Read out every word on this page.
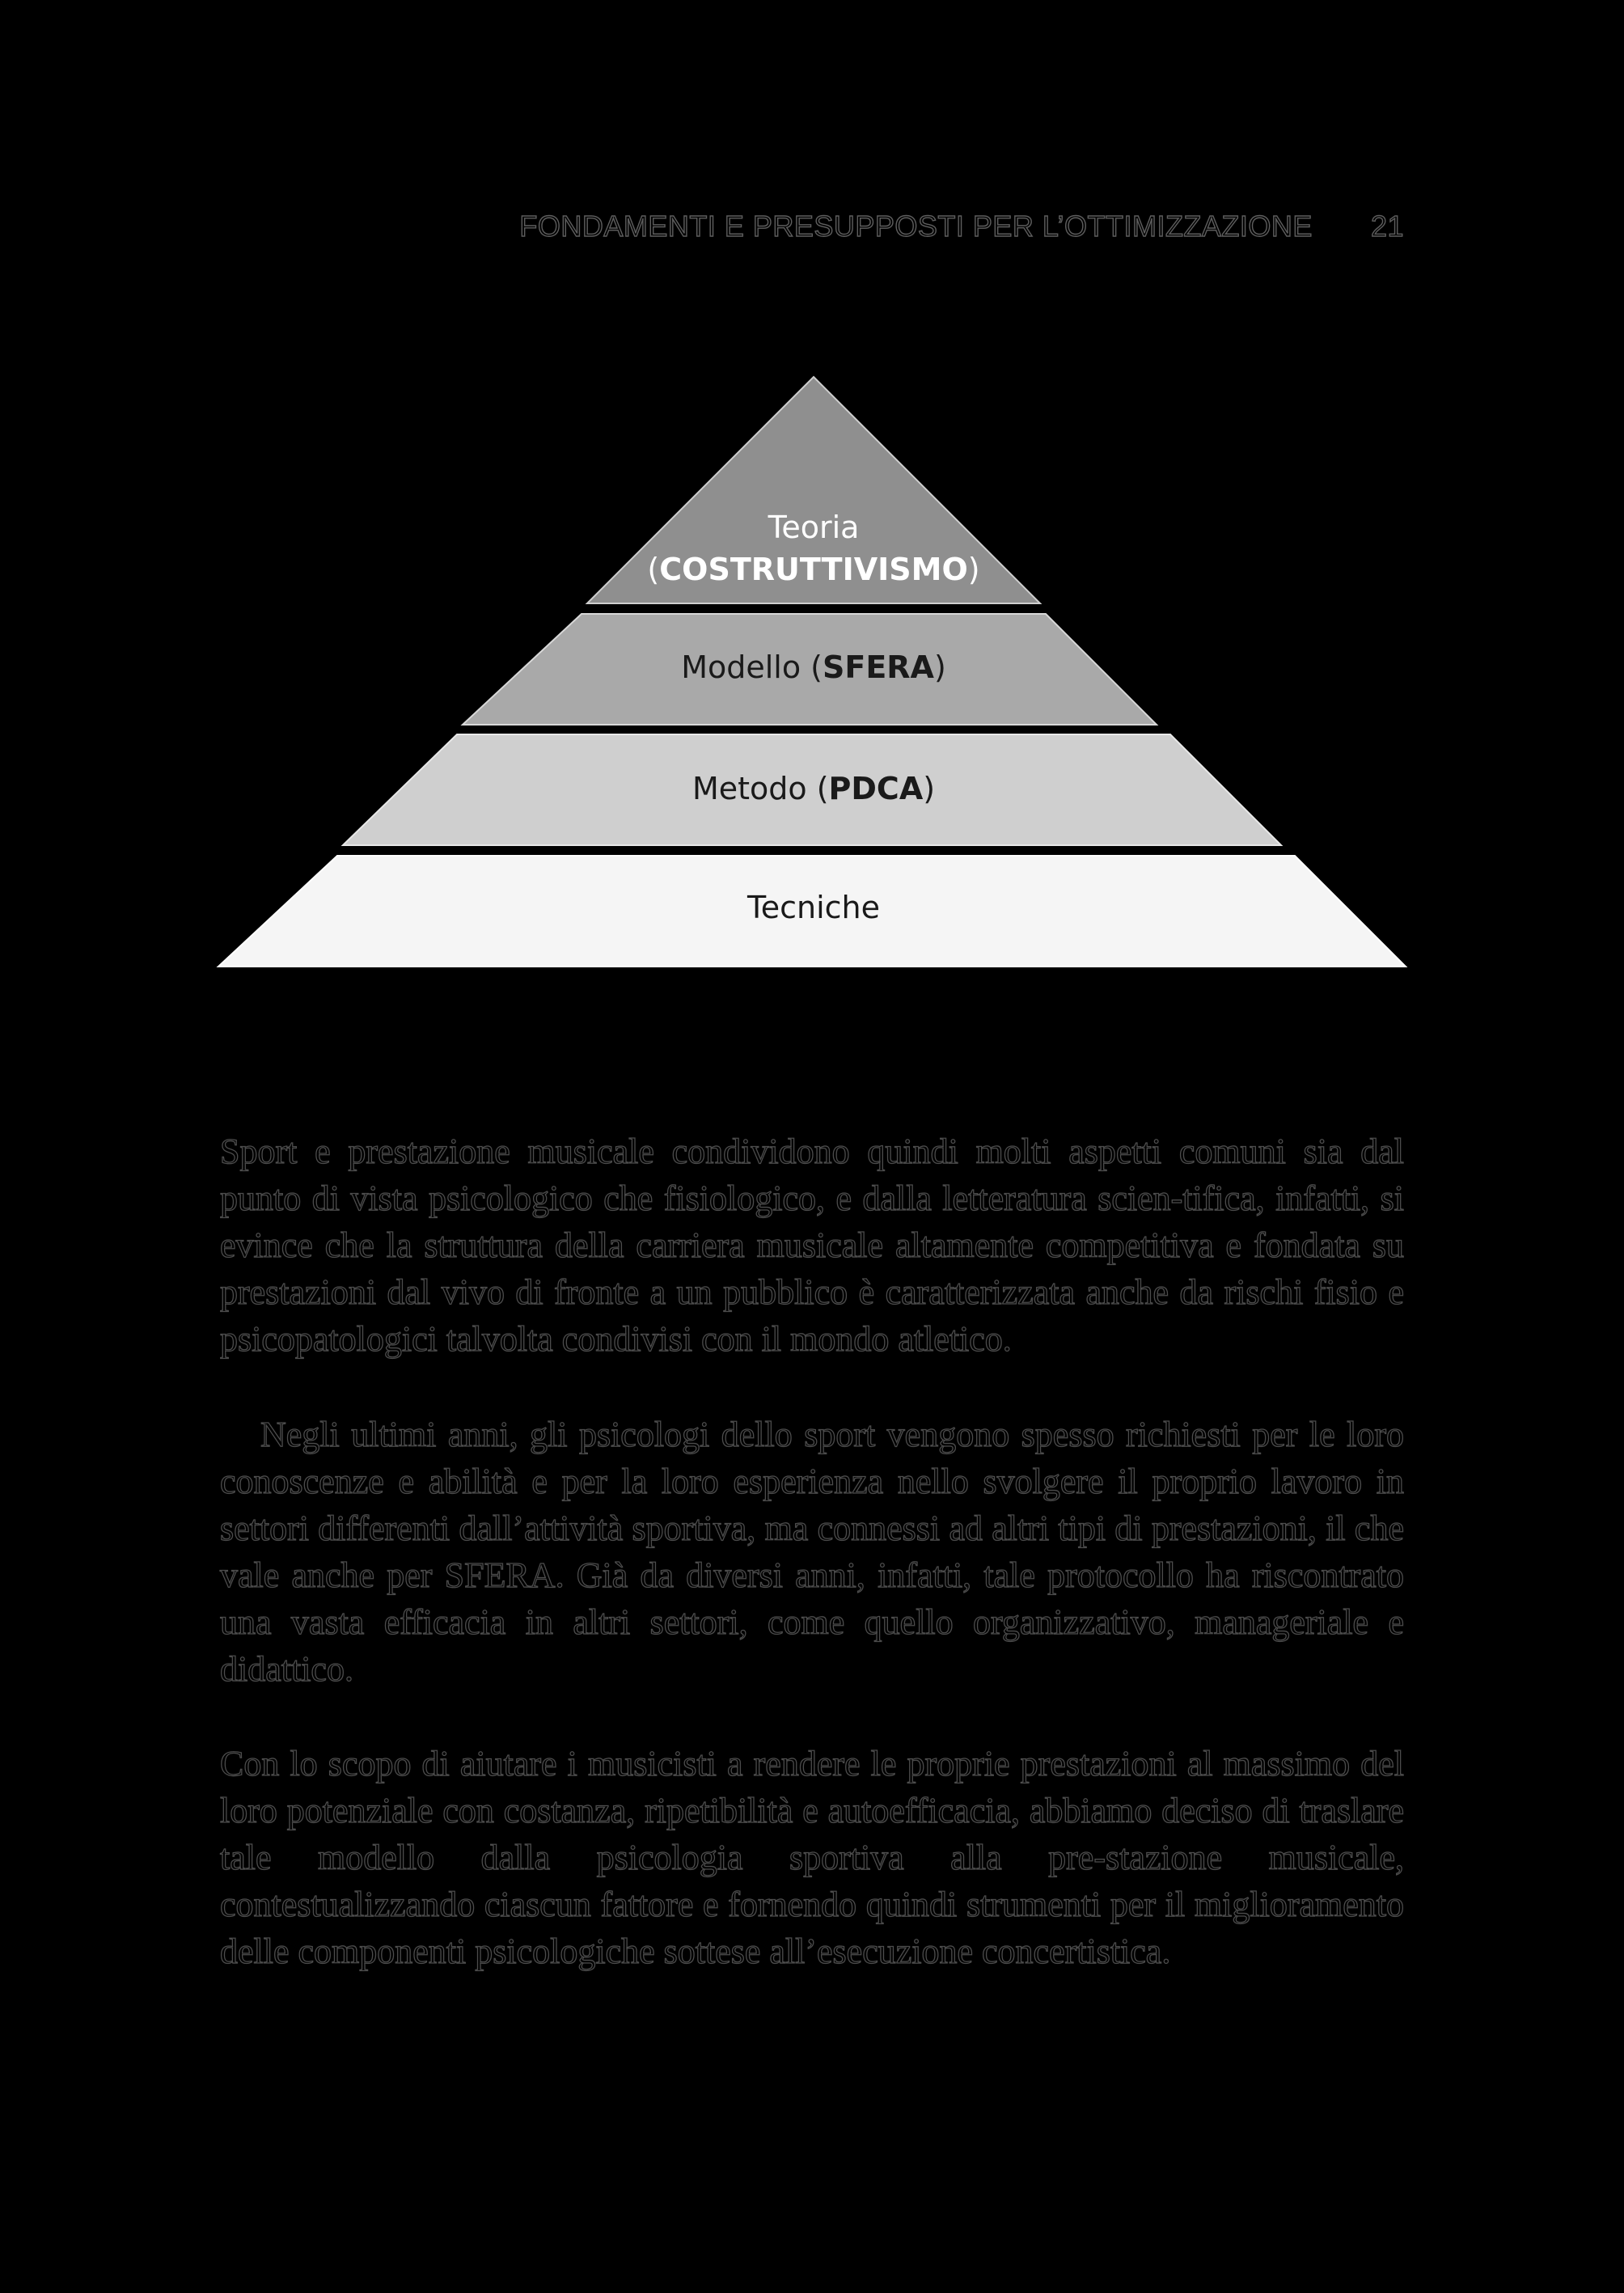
FONDAMENTI E PRESUPPOSTI PER L’OTTIMIZZAZIONE 21
Teoria
(COSTRUTTIVISMO)
Modello (SFERA)
Metodo (PDCA)
Tecniche

Sport e prestazione musicale condividono quindi molti aspetti comuni sia dal punto di vista psicologico che fisiologico, e dalla letteratura scien-tifica, infatti, si evince che la struttura della carriera musicale altamente competitiva e fondata su prestazioni dal vivo di fronte a un pubblico è caratterizzata anche da rischi fisio e psicopatologici talvolta condivisi con il mondo atletico.

Negli ultimi anni, gli psicologi dello sport vengono spesso richiesti per le loro conoscenze e abilità e per la loro esperienza nello svolgere il proprio lavoro in settori differenti dall’attività sportiva, ma connessi ad altri tipi di prestazioni, il che vale anche per SFERA. Già da diversi anni, infatti, tale protocollo ha riscontrato una vasta efficacia in altri settori, come quello organizzativo, manageriale e didattico.

Con lo scopo di aiutare i musicisti a rendere le proprie prestazioni al massimo del loro potenziale con costanza, ripetibilità e autoefficacia, abbiamo deciso di traslare tale modello dalla psicologia sportiva alla pre-stazione musicale, contestualizzando ciascun fattore e fornendo quindi strumenti per il miglioramento delle componenti psicologiche sottese all’esecuzione concertistica.
